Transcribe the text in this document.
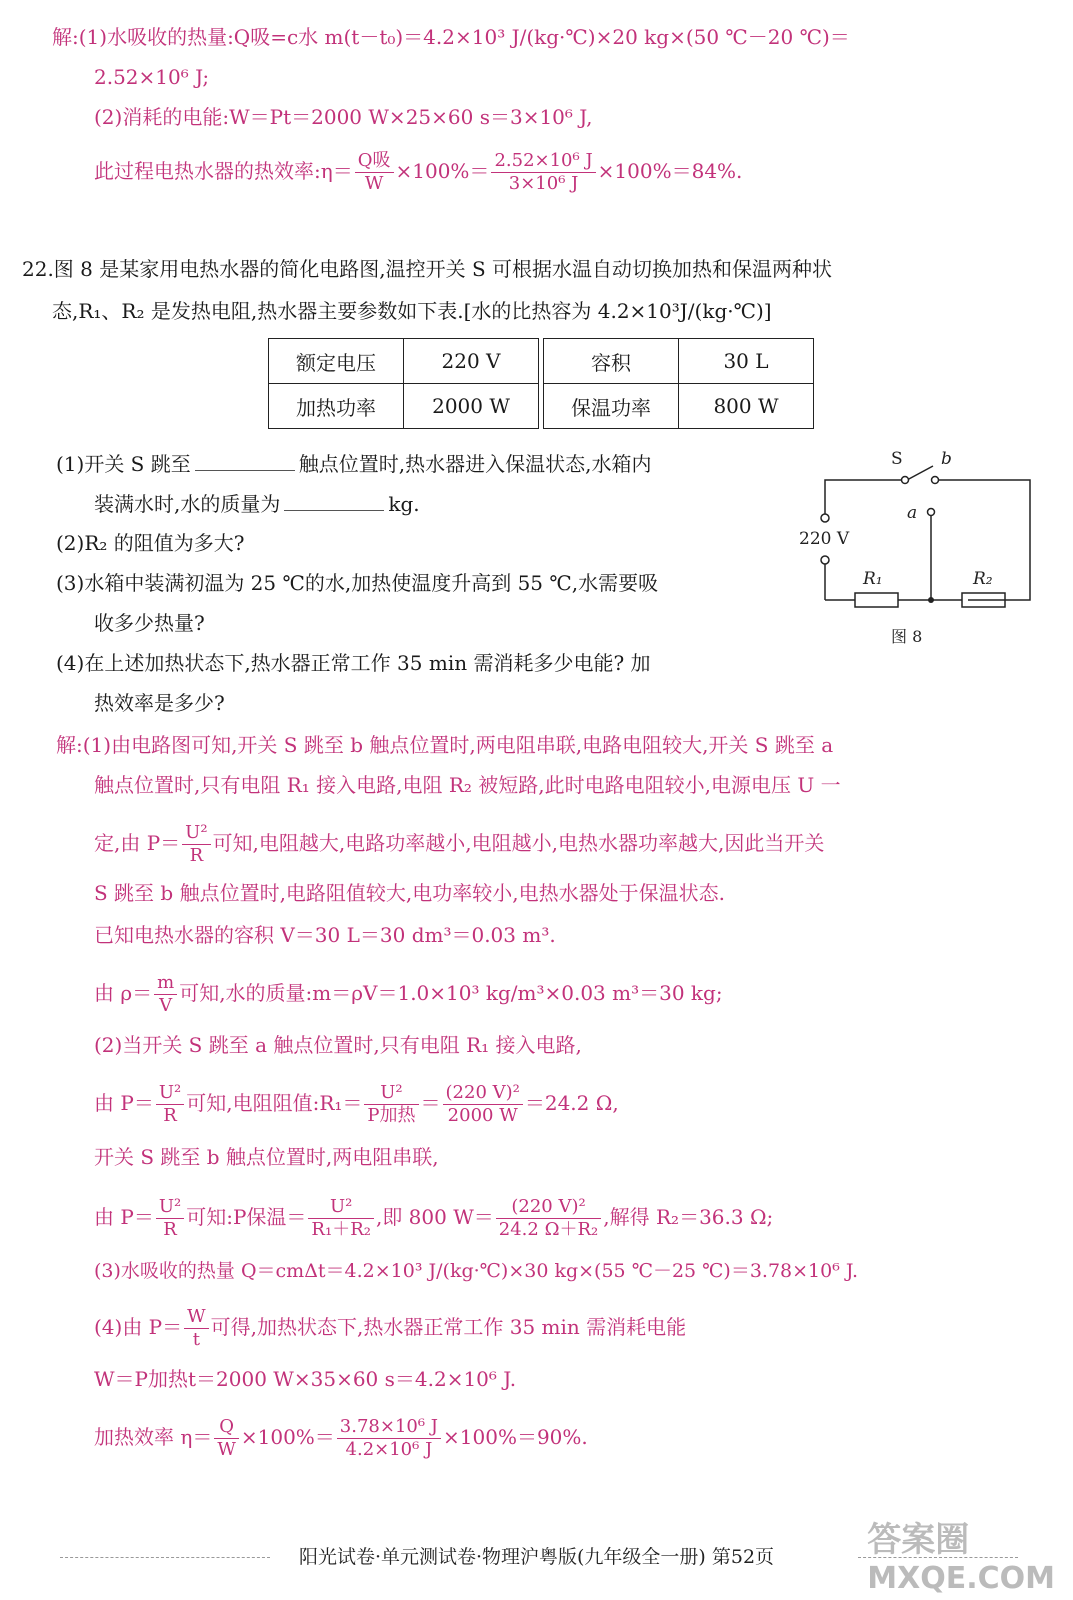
解:(1)水吸收的热量:Q吸=c水 m(t－t₀)＝4.2×10³ J/(kg·℃)×20 kg×(50 ℃－20 ℃)＝
2.52×10⁶ J;
(2)消耗的电能:W＝Pt＝2000 W×25×60 s＝3×10⁶ J,
此过程电热水器的热效率:η＝ $\frac{\text{Q吸}}{W} \times 100\%= \frac{\text{2.52×10⁶ J}}{\text{3×10⁶ J}} \times 100\%=84\%$.
22.图 8 是某家用电热水器的简化电路图,温控开关 S 可根据水温自动切换加热和保温两种状
态,R₁、R₂ 是发热电阻,热水器主要参数如下表.[水的比热容为 4.2×10³J/(kg·℃)]
额定电压	220 V		容积	30 L
加热功率	2000 W		保温功率	800 W
(1)开关 S 跳至	触点位置时,热水器进入保温状态,水箱内
装满水时,水的质量为	kg.
(2)R₂ 的阻值为多大?
(3)水箱中装满初温为 25 ℃的水,加热使温度升高到 55 ℃,水需要吸
收多少热量?
(4)在上述加热状态下,热水器正常工作 35 min 需消耗多少电能? 加
热效率是多少?
S b
a
220 V
R₁	R₂
图 8
解:(1)由电路图可知,开关 S 跳至 b 触点位置时,两电阻串联,电路电阻较大,开关 S 跳至 a
触点位置时,只有电阻 R₁ 接入电路,电阻 R₂ 被短路,此时电路电阻较小,电源电压 U 一
定,由 $P= \frac{\text{U²}}{R}$ 可知,电阻越大,电路功率越小,电阻越小,电热水器功率越大,因此当开关
S 跳至 b 触点位置时,电路阻值较大,电功率较小,电热水器处于保温状态.
已知电热水器的容积 V＝30 L＝30 dm³＝0.03 m³.
由 $\rho= \frac{m}{V}$ 可知,水的质量:m＝ρV＝1.0×10³ kg/m³×0.03 m³＝30 kg;
(2)当开关 S 跳至 a 触点位置时,只有电阻 R₁ 接入电路,
由 $P= \frac{\text{U²}}{R}$ 可知,电阻阻值:R₁＝ $\frac{\text{U²}}{\text{P加热}} = \frac{\text{(220 V)²}}{2000 W} =24.2$ Ω,
开关 S 跳至 b 触点位置时,两电阻串联,
由 $P= \frac{\text{U²}}{R}$ 可知:P保温＝ $\frac{\text{U²}}{\text{R₁＋R₂}}$ ,即 800 $W= \frac{\text{(220 V)²}}{\text{24.2 Ω＋R₂}}$ ,解得 R₂＝36.3 Ω;
(3)水吸收的热量 Q＝cmΔt＝4.2×10³ J/(kg·℃)×30 kg×(55 ℃－25 ℃)＝3.78×10⁶ J.
(4)由 $P= \frac{W}{t}$ 可得,加热状态下,热水器正常工作 35 min 需消耗电能
W＝P加热t＝2000 W×35×60 s＝4.2×10⁶ J.
加热效率 $\eta= \frac{Q}{W} \times 100\%= \frac{\text{3.78×10⁶ J}}{\text{4.2×10⁶ J}} \times 100\%=90\%$.
阳光试卷·单元测试卷·物理沪粤版(九年级全一册) 第52页	答案圈
MXQE.COM
